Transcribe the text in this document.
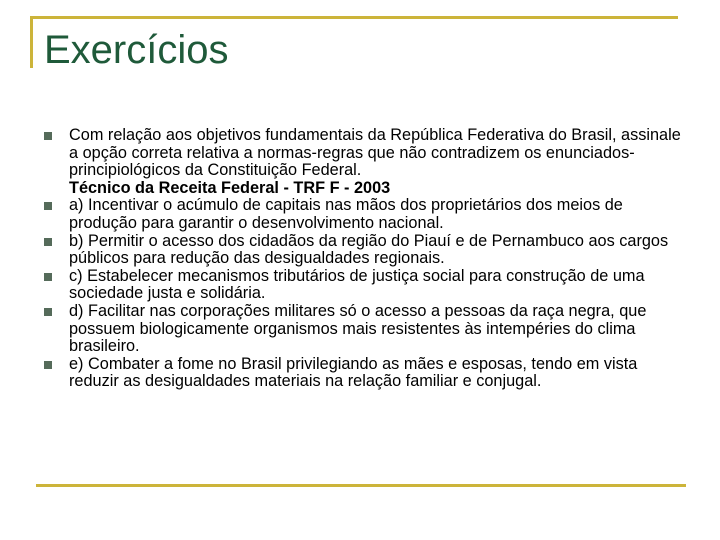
Exercícios
Com relação aos objetivos fundamentais da República Federativa do Brasil, assinale a opção correta relativa a normas-regras que não contradizem os enunciados-principiológicos da Constituição Federal.
Técnico da Receita Federal - TRF F - 2003
a) Incentivar o acúmulo de capitais nas mãos dos proprietários dos meios de produção para garantir o desenvolvimento nacional.
b) Permitir o acesso dos cidadãos da região do Piauí e de Pernambuco aos cargos públicos para redução das desigualdades regionais.
c) Estabelecer mecanismos tributários de justiça social para construção de uma sociedade justa e solidária.
d) Facilitar nas corporações militares só o acesso a pessoas da raça negra, que possuem biologicamente organismos mais resistentes às intempéries do clima brasileiro.
e) Combater a fome no Brasil privilegiando as mães e esposas, tendo em vista reduzir as desigualdades materiais na relação familiar e conjugal.
